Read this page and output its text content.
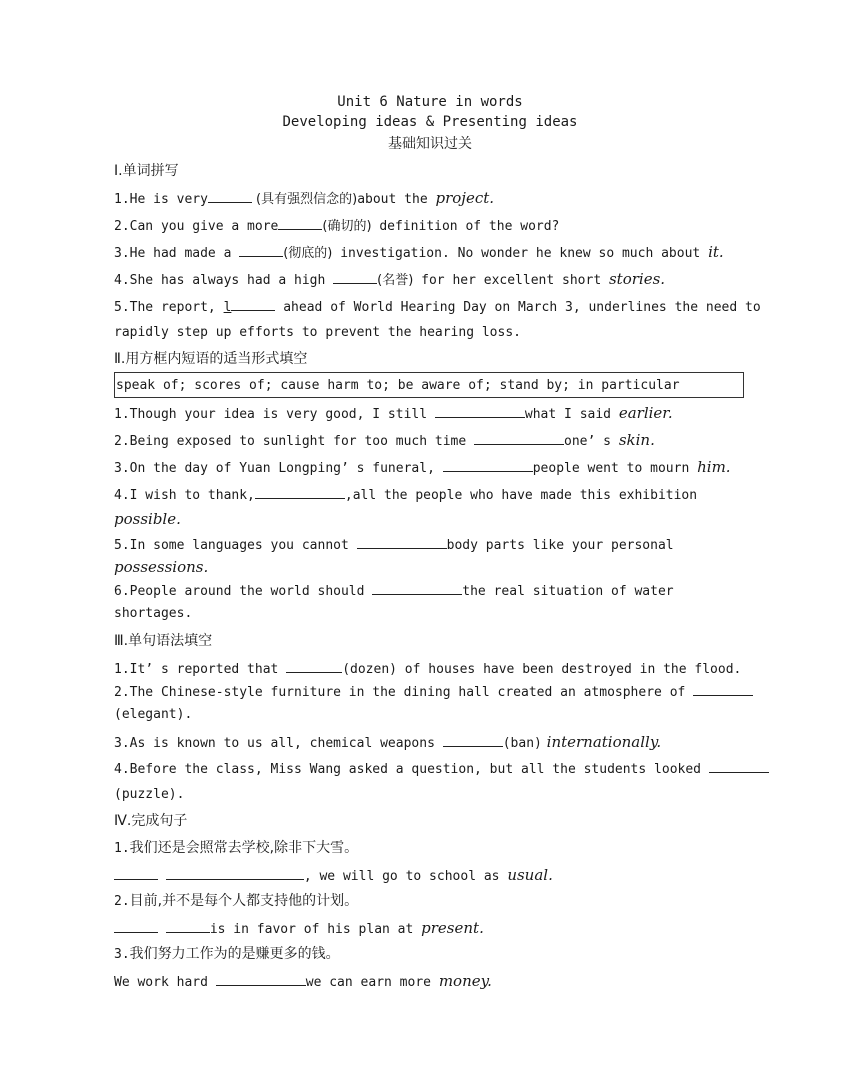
Unit 6 Nature in words
Developing ideas & Presenting ideas
基础知识过关
Ⅰ.单词拼写
1.He is very	(具有强烈信念的)about the project.
2.Can you give a more	(确切的) definition of the word?
3.He had made a	(彻底的) investigation. No wonder he knew so much about it.
4.She has always had a high	(名誉) for her excellent short stories.
5.The report, l	ahead of World Hearing Day on March 3, underlines the need to
rapidly step up efforts to prevent the hearing loss.
Ⅱ.用方框内短语的适当形式填空
speak of; scores of; cause harm to; be aware of; stand by; in particular
1.Though your idea is very good, I still	what I said earlier.
2.Being exposed to sunlight for too much time	one’ s skin.
3.On the day of Yuan Longping’ s funeral,	people went to mourn him.
4.I wish to thank,	,all the people who have made this exhibition
possible.
5.In some languages you cannot	body parts like your personal
possessions.
6.People around the world should	the real situation of water
shortages.
Ⅲ.单句语法填空
1.It’ s reported that	(dozen) of houses have been destroyed in the flood.
2.The Chinese-style furniture in the dining hall created an atmosphere of
(elegant).
3.As is known to us all, chemical weapons	(ban) internationally.
4.Before the class, Miss Wang asked a question, but all the students looked
(puzzle).
Ⅳ.完成句子
1.我们还是会照常去学校,除非下大雪。
, we will go to school as usual.
2.目前,并不是每个人都支持他的计划。
is in favor of his plan at present.
3.我们努力工作为的是赚更多的钱。
We work hard	we can earn more money.
